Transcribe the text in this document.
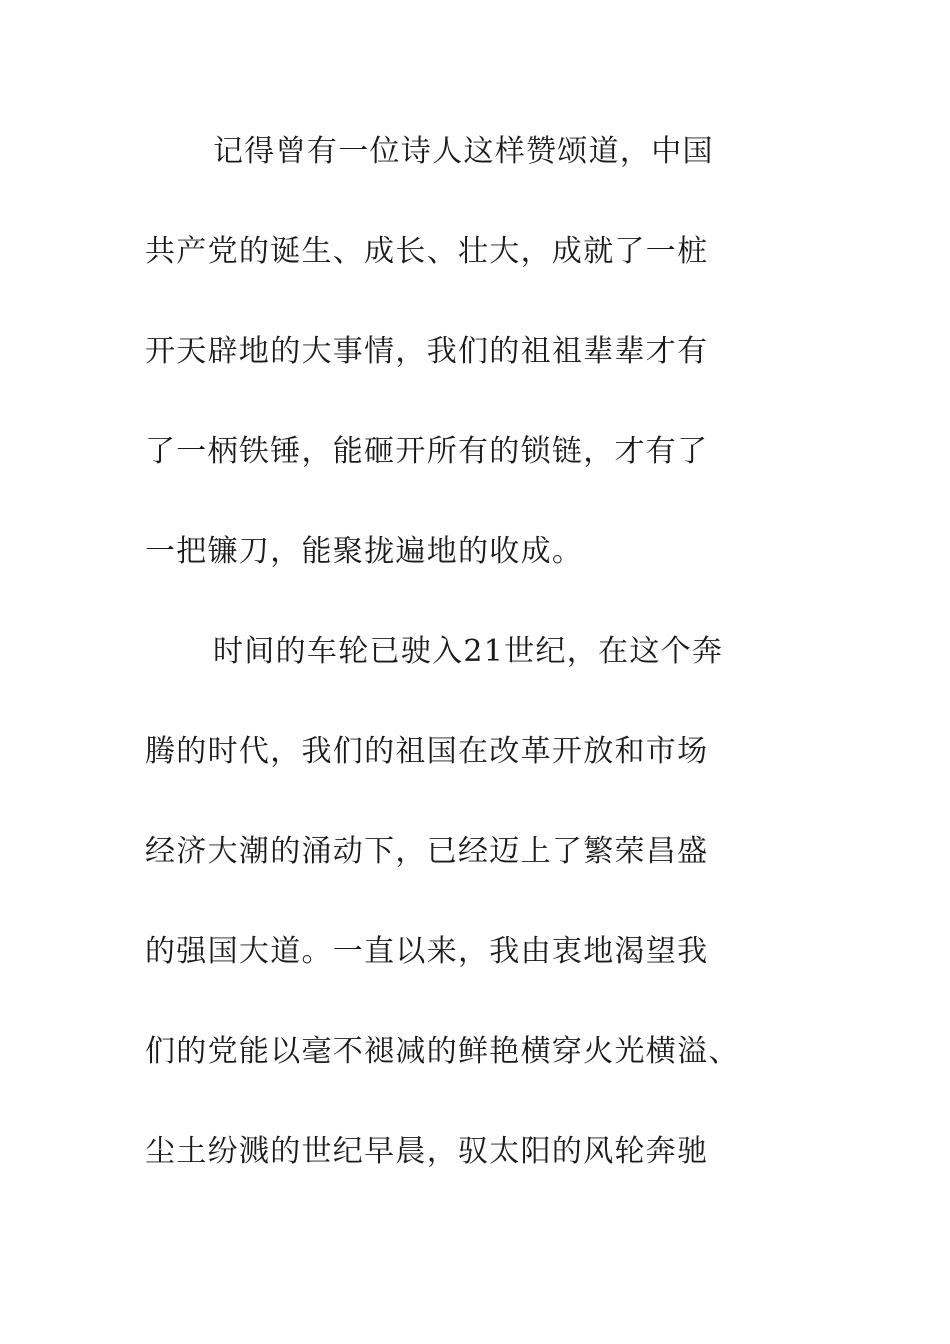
记得曾有一位诗人这样赞颂道，中国

共产党的诞生、成长、壮大，成就了一桩

开天辟地的大事情，我们的祖祖辈辈才有

了一柄铁锤，能砸开所有的锁链，才有了

一把镰刀，能聚拢遍地的收成。

时间的车轮已驶入21世纪，在这个奔

腾的时代，我们的祖国在改革开放和市场

经济大潮的涌动下，已经迈上了繁荣昌盛

的强国大道。一直以来，我由衷地渴望我

们的党能以毫不褪减的鲜艳横穿火光横溢、

尘土纷溅的世纪早晨，驭太阳的风轮奔驰
